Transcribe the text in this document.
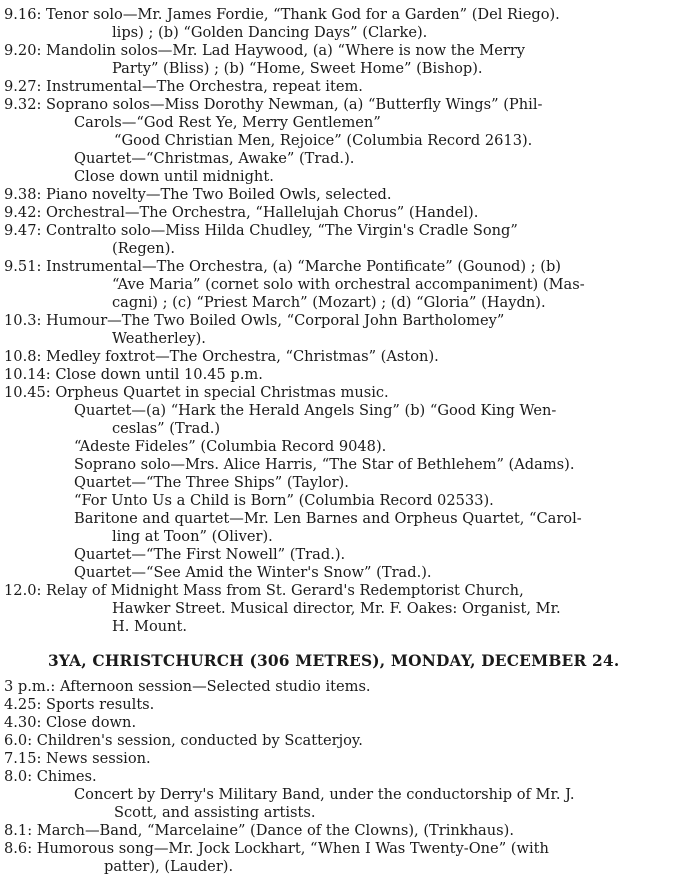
9.16: Tenor solo—Mr. James Fordie, “Thank God for a Garden” (Del Riego).
lips) ; (b) “Golden Dancing Days” (Clarke).
9.20: Mandolin solos—Mr. Lad Haywood, (a) “Where is now the Merry
Party” (Bliss) ; (b) “Home, Sweet Home” (Bishop).
9.27: Instrumental—The Orchestra, repeat item.
9.32: Soprano solos—Miss Dorothy Newman, (a) “Butterfly Wings” (Phil-
Carols—“God Rest Ye, Merry Gentlemen”
“Good Christian Men, Rejoice” (Columbia Record 2613).
Quartet—“Christmas, Awake” (Trad.).
Close down until midnight.
9.38: Piano novelty—The Two Boiled Owls, selected.
9.42: Orchestral—The Orchestra, “Hallelujah Chorus” (Handel).
9.47: Contralto solo—Miss Hilda Chudley, “The Virgin's Cradle Song”
(Regen).
9.51: Instrumental—The Orchestra, (a) “Marche Pontificate” (Gounod) ; (b)
“Ave Maria” (cornet solo with orchestral accompaniment) (Mas-
cagni) ; (c) “Priest March” (Mozart) ; (d) “Gloria” (Haydn).
10.3: Humour—The Two Boiled Owls, “Corporal John Bartholomey”
Weatherley).
10.8: Medley foxtrot—The Orchestra, “Christmas” (Aston).
10.14: Close down until 10.45 p.m.
10.45: Orpheus Quartet in special Christmas music.
Quartet—(a) “Hark the Herald Angels Sing” (b) “Good King Wen-
ceslas” (Trad.)
“Adeste Fideles” (Columbia Record 9048).
Soprano solo—Mrs. Alice Harris, “The Star of Bethlehem” (Adams).
Quartet—“The Three Ships” (Taylor).
“For Unto Us a Child is Born” (Columbia Record 02533).
Baritone and quartet—Mr. Len Barnes and Orpheus Quartet, “Carol-
ling at Toon” (Oliver).
Quartet—“The First Nowell” (Trad.).
Quartet—“See Amid the Winter's Snow” (Trad.).
12.0: Relay of Midnight Mass from St. Gerard's Redemptorist Church,
Hawker Street. Musical director, Mr. F. Oakes: Organist, Mr.
H. Mount.
3YA, CHRISTCHURCH (306 METRES), MONDAY, DECEMBER 24.
3 p.m.: Afternoon session—Selected studio items.
4.25: Sports results.
4.30: Close down.
6.0: Children's session, conducted by Scatterjoy.
7.15: News session.
8.0: Chimes.
Concert by Derry's Military Band, under the conductorship of Mr. J.
Scott, and assisting artists.
8.1: March—Band, “Marcelaine” (Dance of the Clowns), (Trinkhaus).
8.6: Humorous song—Mr. Jock Lockhart, “When I Was Twenty-One” (with
patter), (Lauder).
